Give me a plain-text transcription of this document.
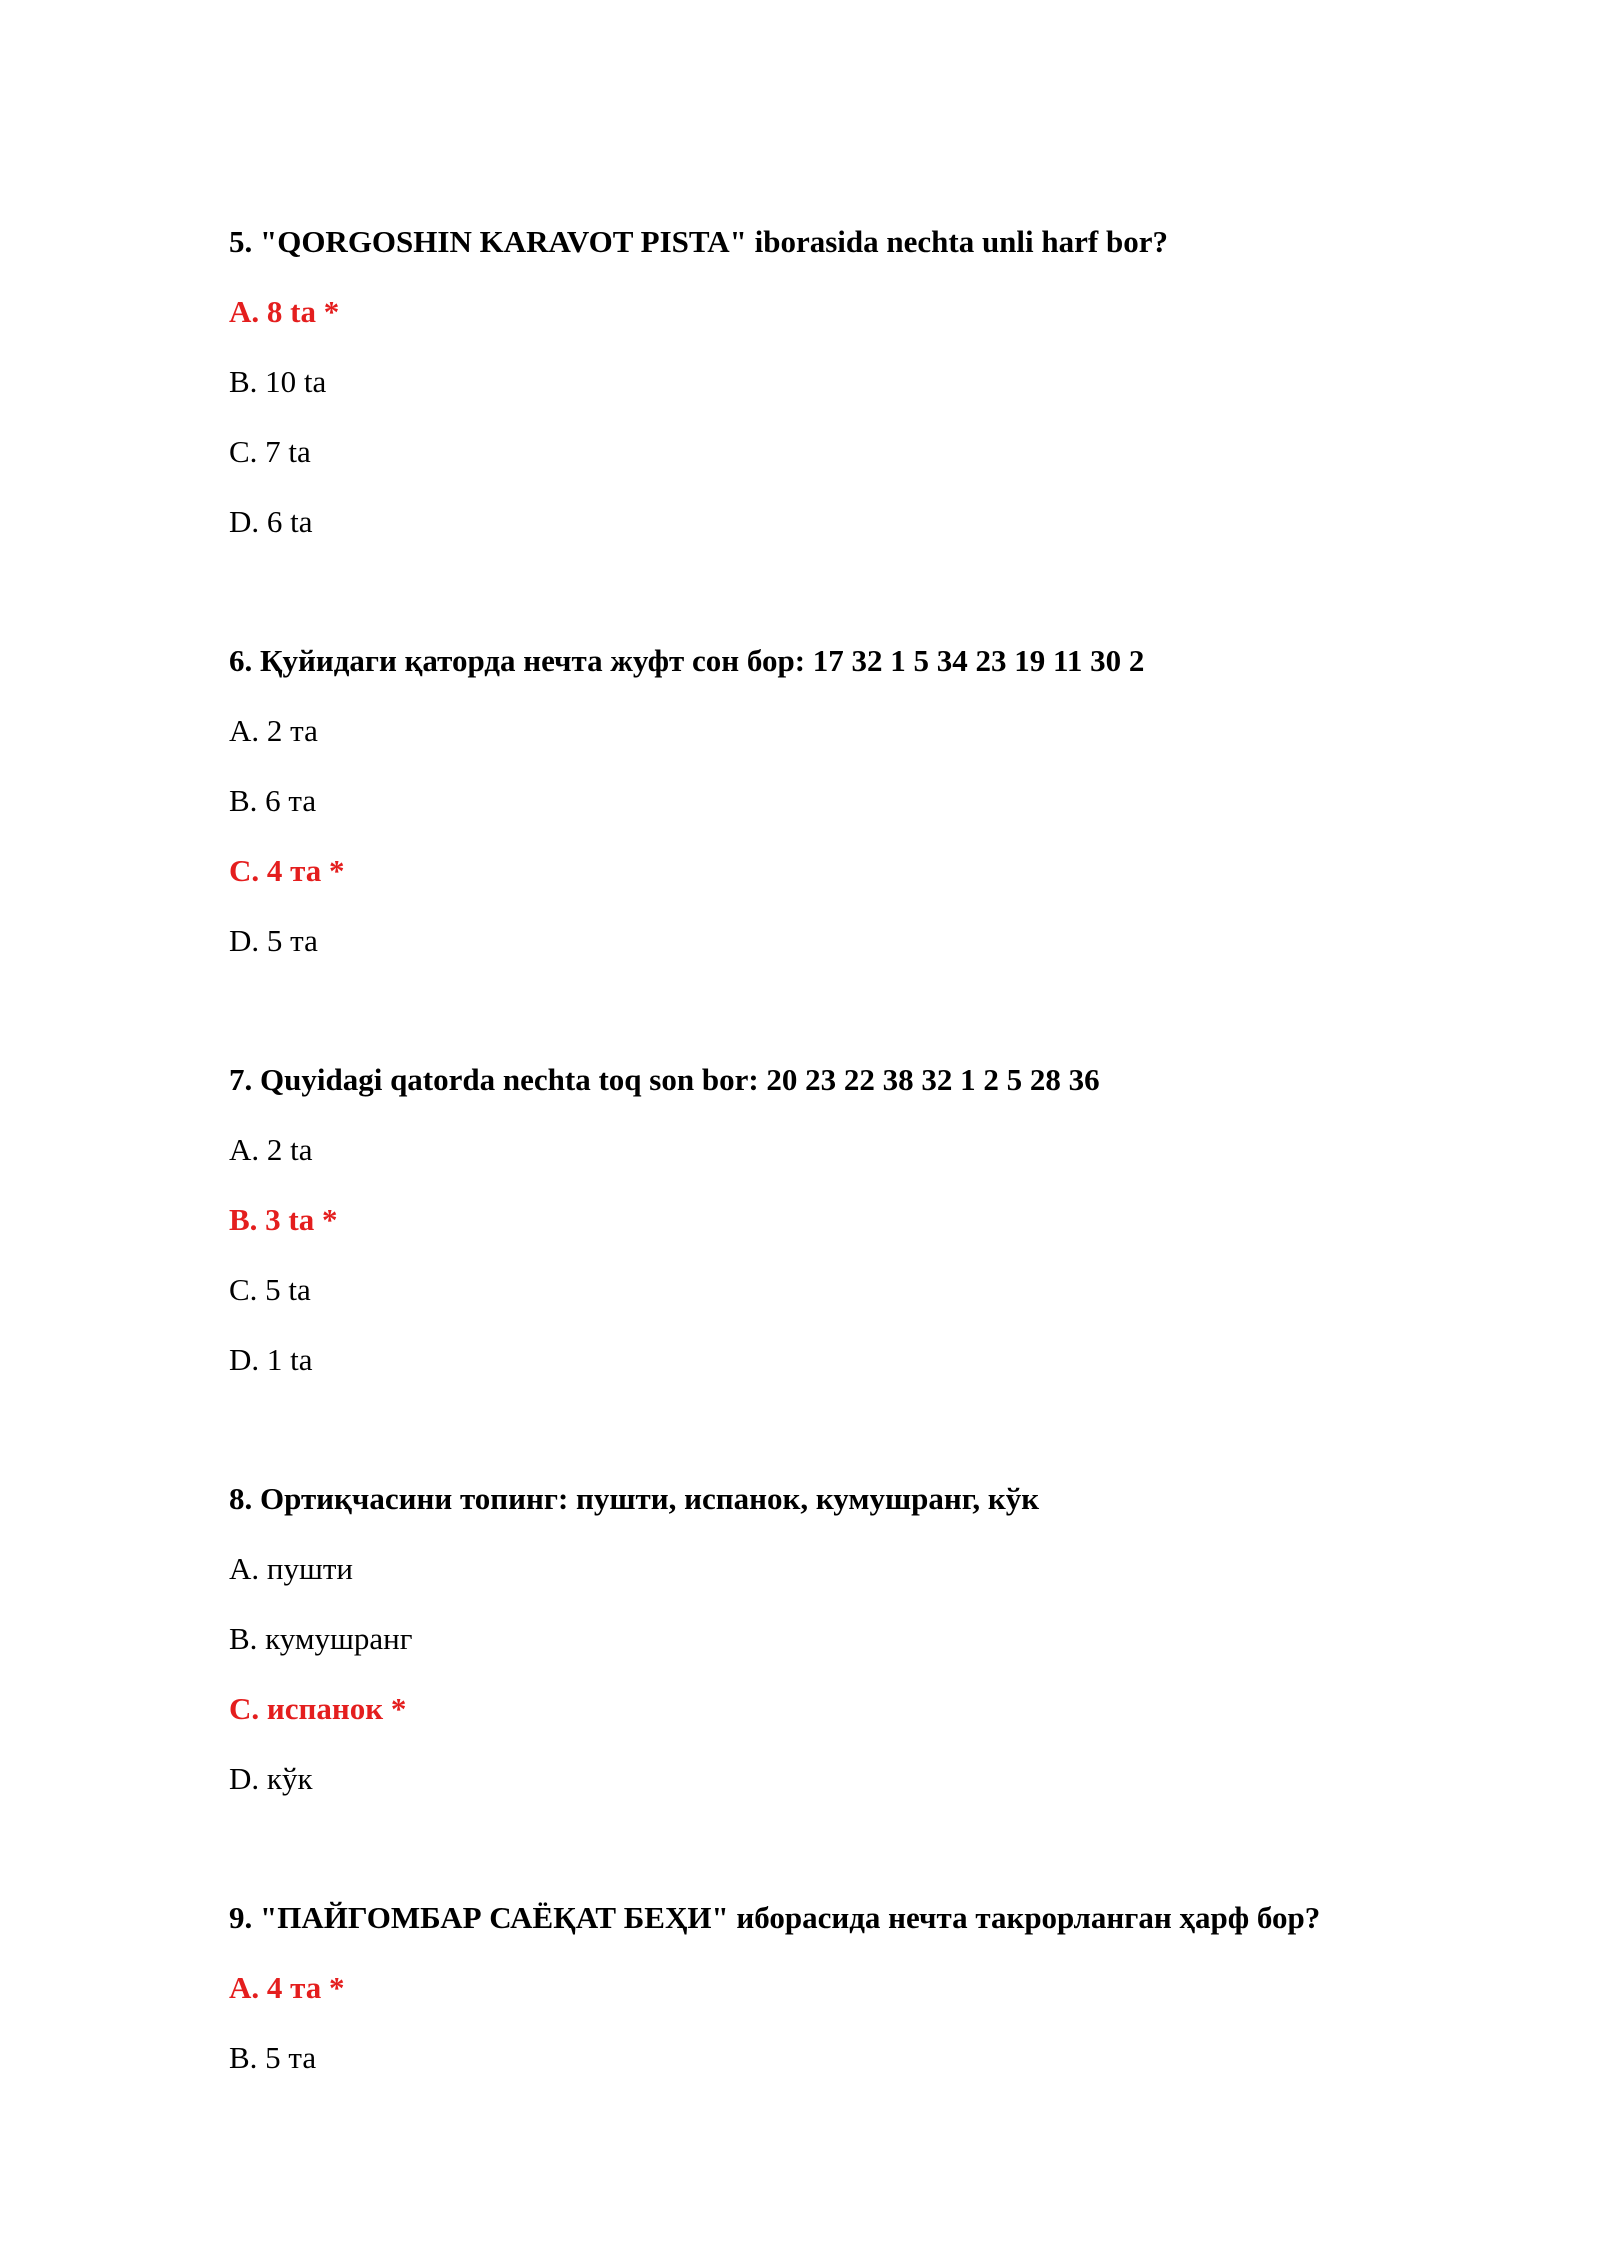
5. "QORGOSHIN KARAVOT PISTA" iborasida nechta unli harf bor?
A. 8 ta *
B. 10 ta
C. 7 ta
D. 6 ta
6. Қуйидаги қаторда нечта жуфт сон бор: 17 32 1 5 34 23 19 11 30 2
A. 2 та
B. 6 та
C. 4 та *
D. 5 та
7. Quyidagi qatorda nechta toq son bor: 20 23 22 38 32 1 2 5 28 36
A. 2 ta
B. 3 ta *
C. 5 ta
D. 1 ta
8. Ортиқчасини топинг: пушти, испанок, кумушранг, кўк
A. пушти
B. кумушранг
C. испанок *
D. кўк
9. "ПАЙГОМБАР САЁҚАТ БЕҲИ" иборасида нечта такрорланган ҳарф бор?
A. 4 та *
B. 5 та
